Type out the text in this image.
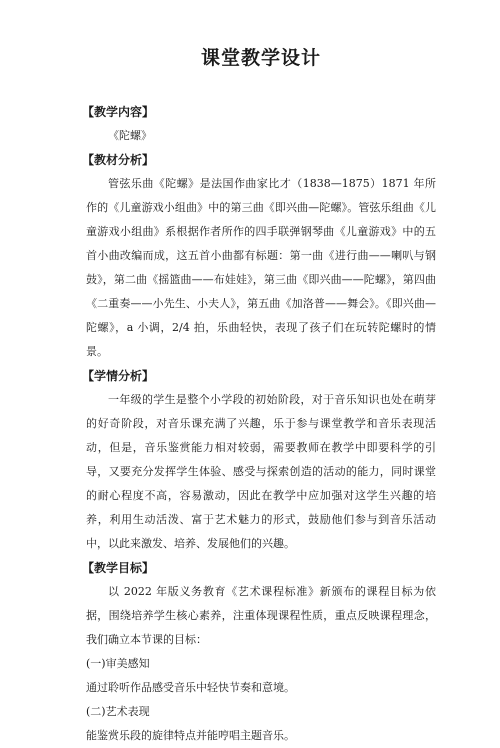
课堂教学设计
【教学内容】

《陀螺》

【教材分析】

管弦乐曲《陀螺》是法国作曲家比才（1838—1875）1871 年所作的《儿童游戏小组曲》中的第三曲《即兴曲—陀螺》。管弦乐组曲《儿童游戏小组曲》系根据作者所作的四手联弹钢琴曲《儿童游戏》中的五首小曲改编而成，这五首小曲都有标题：第一曲《进行曲——喇叭与钢鼓》，第二曲《摇篮曲——布娃娃》，第三曲《即兴曲——陀螺》，第四曲《二重奏——小先生、小夫人》，第五曲《加洛普——舞会》。《即兴曲—陀螺》，a 小调，2/4 拍，乐曲轻快，表现了孩子们在玩转陀螺时的情景。

【学情分析】

一年级的学生是整个小学段的初始阶段，对于音乐知识也处在萌芽的好奇阶段，对音乐课充满了兴趣，乐于参与课堂教学和音乐表现活动，但是，音乐鉴赏能力相对较弱，需要教师在教学中即要科学的引导，又要充分发挥学生体验、感受与探索创造的活动的能力，同时课堂的耐心程度不高，容易激动，因此在教学中应加强对这学生兴趣的培养，利用生动活泼、富于艺术魅力的形式，鼓励他们参与到音乐活动中，以此来激发、培养、发展他们的兴趣。

【教学目标】

以 2022 年版义务教育《艺术课程标准》新颁布的课程目标为依据，围绕培养学生核心素养，注重体现课程性质，重点反映课程理念，我们确立本节课的目标：

(一)审美感知

通过聆听作品感受音乐中轻快节奏和意境。

(二)艺术表现

能鉴赏乐段的旋律特点并能哼唱主题音乐。
